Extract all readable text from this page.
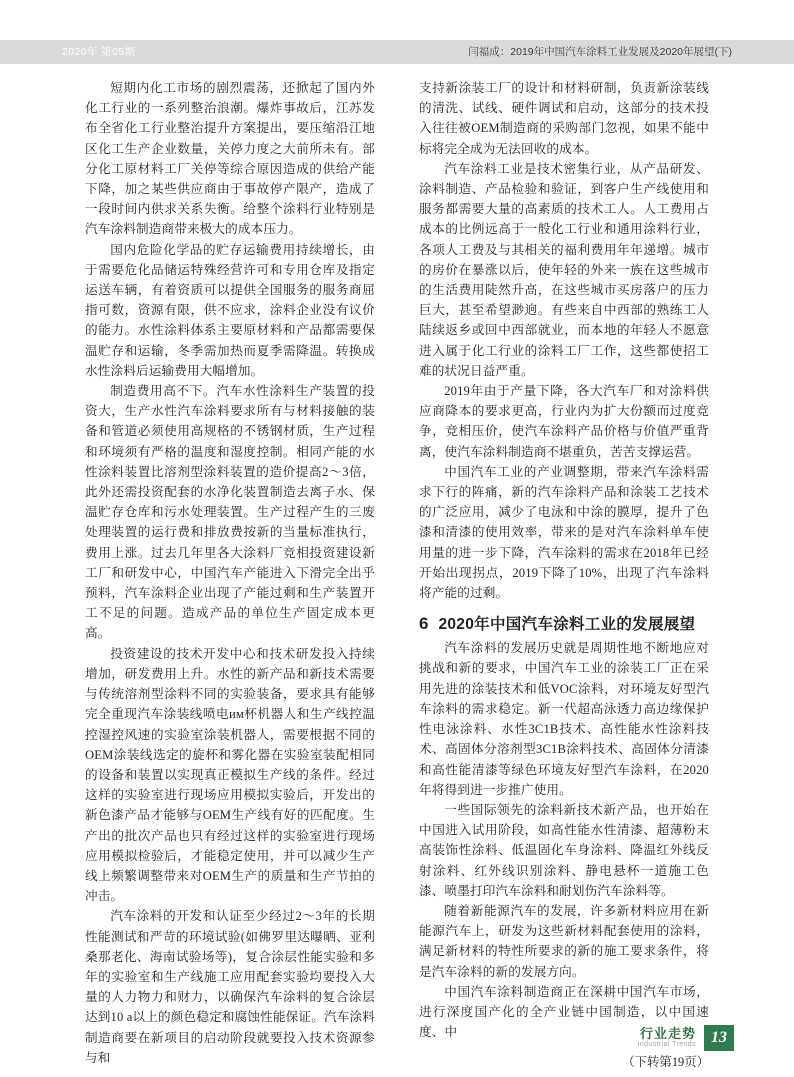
2020年 第05期	闫福成：2019年中国汽车涂料工业发展及2020年展望(下)

短期内化工市场的剧烈震荡，还掀起了国内外化工行业的一系列整治浪潮。爆炸事故后，江苏发布全省化工行业整治提升方案提出，要压缩沿江地区化工生产企业数量，关停力度之大前所未有。部分化工原材料工厂关停等综合原因造成的供给产能下降，加之某些供应商由于事故停产限产，造成了一段时间内供求关系失衡。给整个涂料行业特别是汽车涂料制造商带来极大的成本压力。

国内危险化学品的贮存运输费用持续增长，由于需要危化品储运特殊经营许可和专用仓库及指定运送车辆，有着资质可以提供全国服务的服务商屈指可数，资源有限，供不应求，涂料企业没有议价的能力。水性涂料体系主要原材料和产品都需要保温贮存和运输，冬季需加热而夏季需降温。转换成水性涂料后运输费用大幅增加。

制造费用高不下。汽车水性涂料生产装置的投资大，生产水性汽车涂料要求所有与材料接触的装备和管道必须使用高规格的不锈钢材质，生产过程和环境须有严格的温度和湿度控制。相同产能的水性涂料装置比溶剂型涂料装置的造价提高2～3倍，此外还需投资配套的水净化装置制造去离子水、保温贮存仓库和污水处理装置。生产过程产生的三废处理装置的运行费和排放费按新的当量标准执行，费用上涨。过去几年里各大涂料厂竞相投资建设新工厂和研发中心，中国汽车产能进入下滑完全出乎预料，汽车涂料企业出现了产能过剩和生产装置开工不足的问题。造成产品的单位生产固定成本更高。

投资建设的技术开发中心和技术研发投入持续增加，研发费用上升。水性的新产品和新技术需要与传统溶剂型涂料不同的实验装备，要求具有能够完全重现汽车涂装线喷电им杯机器人和生产线控温控湿控风速的实验室涂装机器人，需要根据不同的OEM涂装线选定的旋杯和雾化器在实验室装配相同的设备和装置以实现真正模拟生产线的条件。经过这样的实验室进行现场应用模拟实验后，开发出的新色漆产品才能够与OEM生产线有好的匹配度。生产出的批次产品也只有经过这样的实验室进行现场应用模拟检验后，才能稳定使用，并可以减少生产线上频繁调整带来对OEM生产的质量和生产节拍的冲击。

汽车涂料的开发和认证至少经过2～3年的长期性能测试和严苛的环境试验(如佛罗里达曝晒、亚利桑那老化、海南试验场等)，复合涂层性能实验和多年的实验室和生产线施工应用配套实验均要投入大量的人力物力和财力，以确保汽车涂料的复合涂层达到10 a以上的颜色稳定和腐蚀性能保证。汽车涂料制造商要在新项目的启动阶段就要投入技术资源参与和

支持新涂装工厂的设计和材料研制，负责新涂装线的清洗、试线、硬件调试和启动，这部分的技术投入往往被OEM制造商的采购部门忽视，如果不能中标将完全成为无法回收的成本。

汽车涂料工业是技术密集行业，从产品研发、涂料制造、产品检验和验证，到客户生产线使用和服务都需要大量的高素质的技术工人。人工费用占成本的比例远高于一般化工行业和通用涂料行业，各项人工费及与其相关的福利费用年年递增。城市的房价在暴涨以后，使年轻的外来一族在这些城市的生活费用陡然升高，在这些城市买房落户的压力巨大，甚至希望渺逈。有些来自中西部的熟练工人陆续返乡或回中西部就业，而本地的年轻人不愿意进入属于化工行业的涂料工厂工作，这些都使招工难的状况日益严重。

2019年由于产量下降，各大汽车厂和对涂料供应商降本的要求更高，行业内为扩大份额而过度竞争，竞相压价，使汽车涂料产品价格与价值严重背离，使汽车涂料制造商不堪重负，苦苦支撑运营。

中国汽车工业的产业调整期，带来汽车涂料需求下行的阵痛，新的汽车涂料产品和涂装工艺技术的广泛应用，减少了电泳和中涂的膜厚，提升了色漆和清漆的使用效率，带来的是对汽车涂料单车使用量的进一步下降，汽车涂料的需求在2018年已经开始出现拐点，2019下降了10%，出现了汽车涂料将产能的过剩。

6 2020年中国汽车涂料工业的发展展望

汽车涂料的发展历史就是周期性地不断地应对挑战和新的要求，中国汽车工业的涂装工厂正在采用先进的涂装技术和低VOC涂料，对环境友好型汽车涂料的需求稳定。新一代超高泳透力高边缘保护性电泳涂料、水性3C1B技术、高性能水性涂料技术、高固体分溶剂型3C1B涂料技术、高固体分清漆和高性能清漆等绿色环境友好型汽车涂料，在2020年将得到进一步推广使用。

一些国际领先的涂料新技术新产品，也开始在中国进入试用阶段，如高性能水性清漆、超薄粉末高装饰性涂料、低温固化车身涂料、降温红外线反射涂料、红外线识别涂料、静电悬杯一道施工色漆、喷墨打印汽车涂料和耐划伤汽车涂料等。

随着新能源汽车的发展，许多新材料应用在新能源汽车上，研发为这些新材料配套使用的涂料，满足新材料的特性所要求的新的施工要求条件，将是汽车涂料的新的发展方向。

中国汽车涂料制造商正在深耕中国汽车市场，进行深度国产化的全产业链中国制造，以中国速度、中

（下转第19页）
行业走势
Industrial Trends 13
